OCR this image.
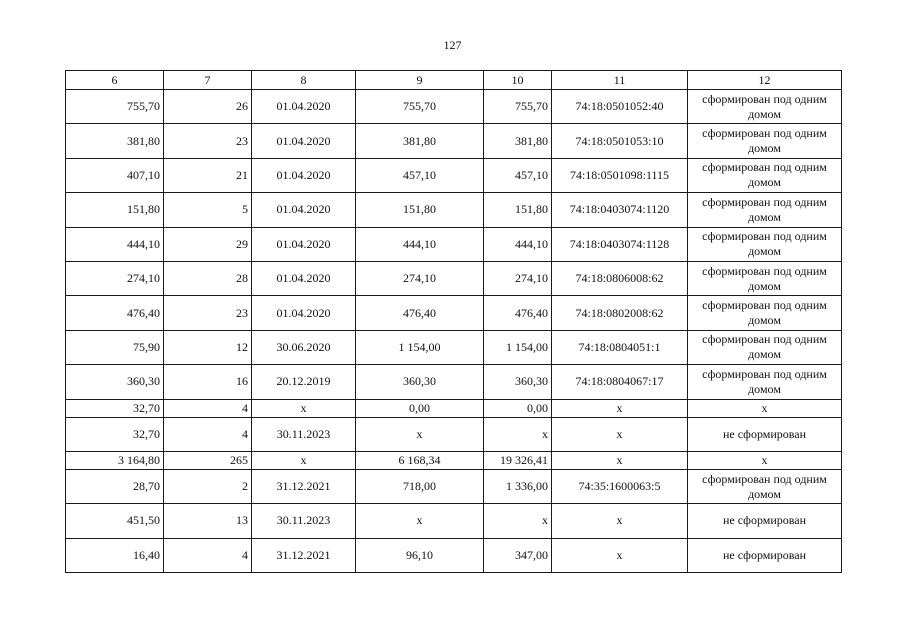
127
6	7	8	9	10	11	12
755,70	26	01.04.2020	755,70	755,70	74:18:0501052:40	сформирован под одним домом
381,80	23	01.04.2020	381,80	381,80	74:18:0501053:10	сформирован под одним домом
407,10	21	01.04.2020	457,10	457,10	74:18:0501098:1115	сформирован под одним домом
151,80	5	01.04.2020	151,80	151,80	74:18:0403074:1120	сформирован под одним домом
444,10	29	01.04.2020	444,10	444,10	74:18:0403074:1128	сформирован под одним домом
274,10	28	01.04.2020	274,10	274,10	74:18:0806008:62	сформирован под одним домом
476,40	23	01.04.2020	476,40	476,40	74:18:0802008:62	сформирован под одним домом
75,90	12	30.06.2020	1 154,00	1 154,00	74:18:0804051:1	сформирован под одним домом
360,30	16	20.12.2019	360,30	360,30	74:18:0804067:17	сформирован под одним домом
32,70	4	x	0,00	0,00	x	x
32,70	4	30.11.2023	x	x	x	не сформирован
3 164,80	265	x	6 168,34	19 326,41	x	x
28,70	2	31.12.2021	718,00	1 336,00	74:35:1600063:5	сформирован под одним домом
451,50	13	30.11.2023	x	x	x	не сформирован
16,40	4	31.12.2021	96,10	347,00	x	не сформирован
